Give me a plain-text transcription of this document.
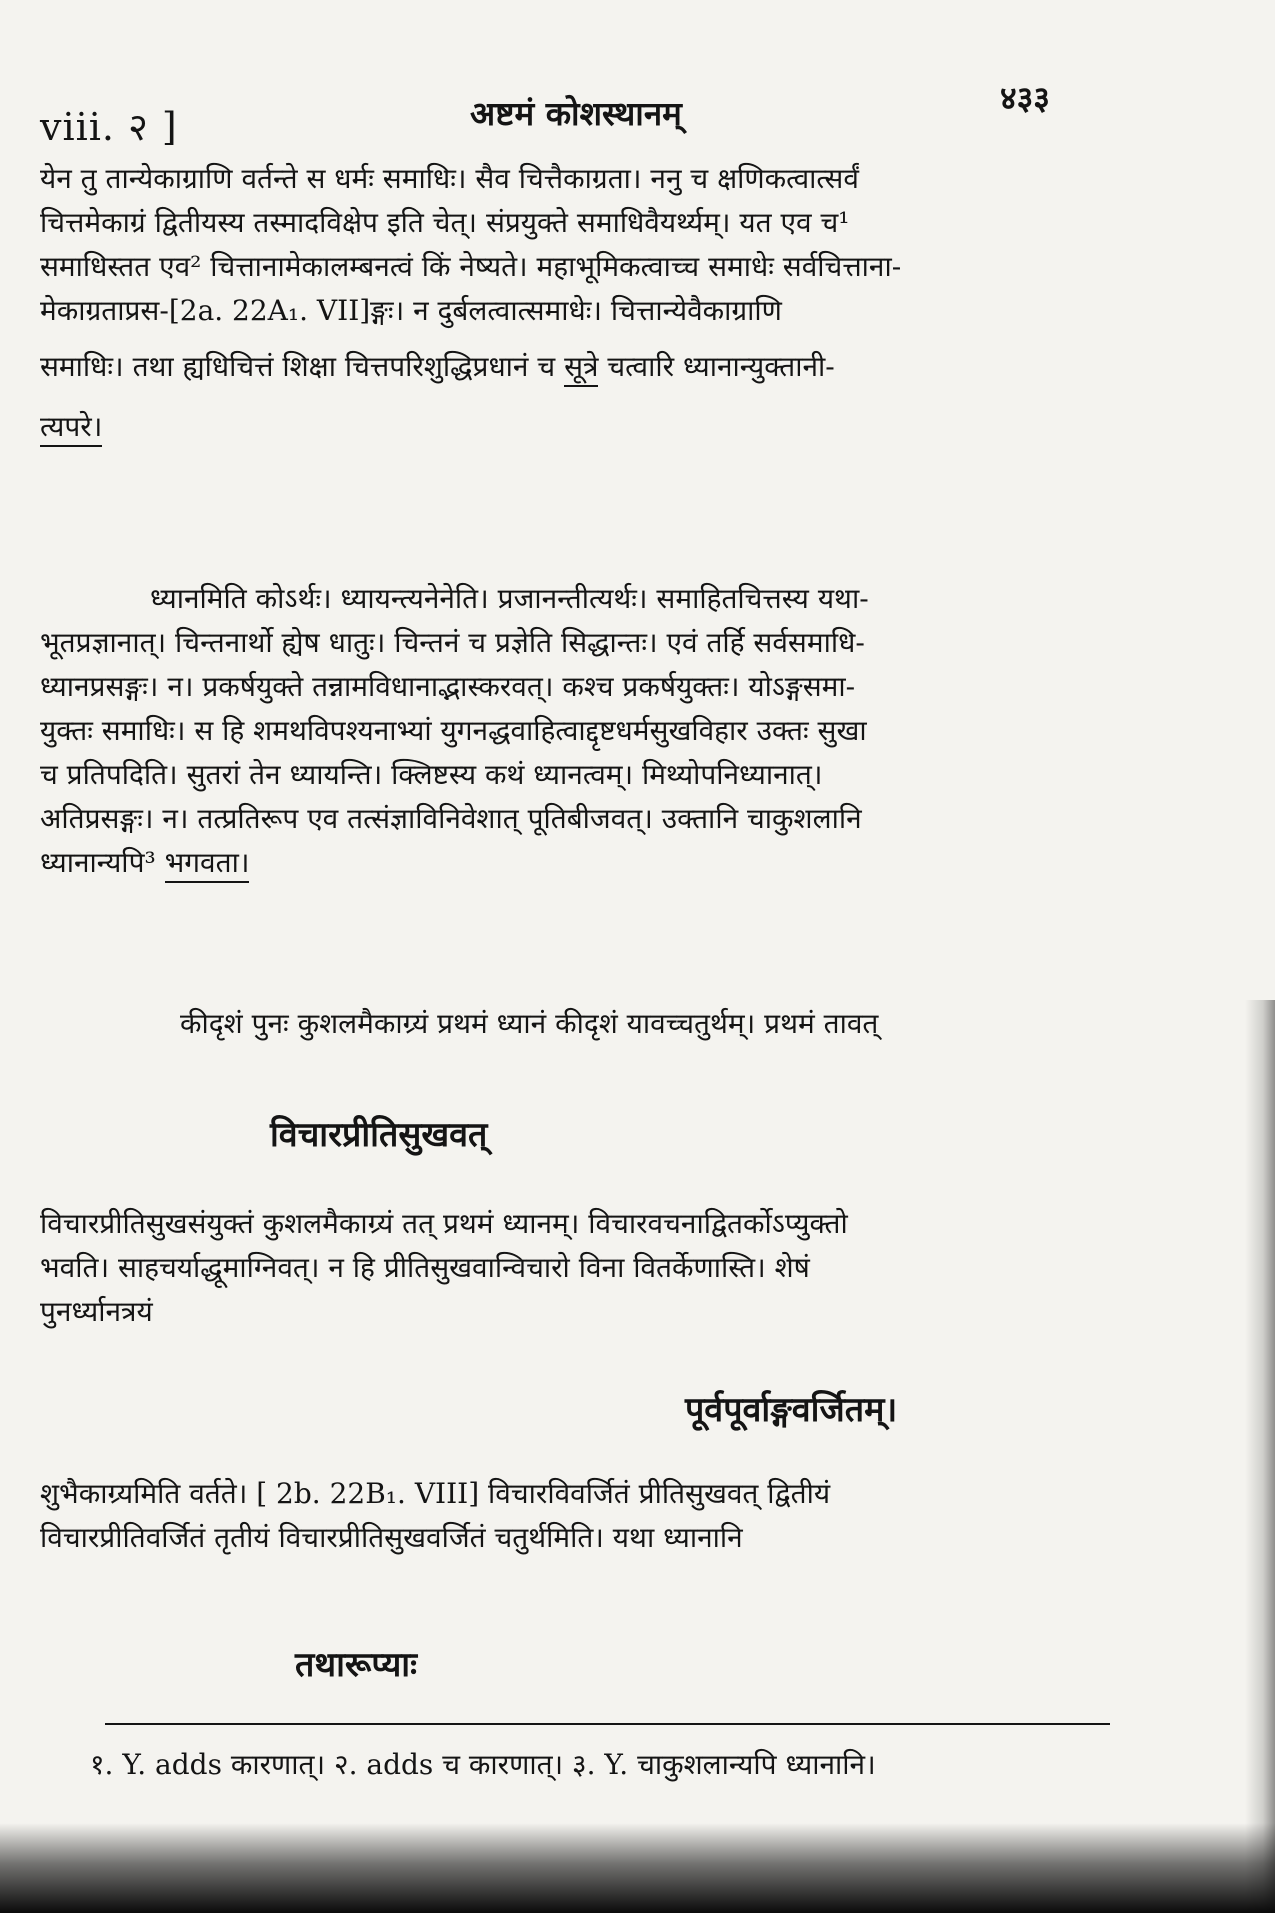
viii. २ ]	अष्टमं कोशस्थानम्	४३३
येन तु तान्येकाग्राणि वर्तन्ते स धर्मः समाधिः। सैव चित्तैकाग्रता। ननु च क्षणिकत्वात्सर्वं
चित्तमेकाग्रं द्वितीयस्य तस्मादविक्षेप इति चेत्। संप्रयुक्ते समाधिवैयर्थ्यम्। यत एव च¹
समाधिस्तत एव² चित्तानामेकालम्बनत्वं किं नेष्यते। महाभूमिकत्वाच्च समाधेः सर्वचित्ताना-
मेकाग्रताप्रस-[2a. 22A₁. VII]ङ्गः। न दुर्बलत्वात्समाधेः। चित्तान्येवैकाग्राणि
समाधिः। तथा ह्यधिचित्तं शिक्षा चित्तपरिशुद्धिप्रधानं च सूत्रे चत्वारि ध्यानान्युक्तानी-
त्यपरे।
ध्यानमिति कोऽर्थः। ध्यायन्त्यनेनेति। प्रजानन्तीत्यर्थः। समाहितचित्तस्य यथा-
भूतप्रज्ञानात्। चिन्तनार्थो ह्येष धातुः। चिन्तनं च प्रज्ञेति सिद्धान्तः। एवं तर्हि सर्वसमाधि-
ध्यानप्रसङ्गः। न। प्रकर्षयुक्ते तन्नामविधानाद्भास्करवत्। कश्च प्रकर्षयुक्तः। योऽङ्गसमा-
युक्तः समाधिः। स हि शमथविपश्यनाभ्यां युगनद्धवाहित्वाद्दृष्टधर्मसुखविहार उक्तः सुखा
च प्रतिपदिति। सुतरां तेन ध्यायन्ति। क्लिष्टस्य कथं ध्यानत्वम्। मिथ्योपनिध्यानात्।
अतिप्रसङ्गः। न। तत्प्रतिरूप एव तत्संज्ञाविनिवेशात् पूतिबीजवत्। उक्तानि चाकुशलानि
ध्यानान्यपि³ भगवता।
कीदृशं पुनः कुशलमैकाग्र्यं प्रथमं ध्यानं कीदृशं यावच्चतुर्थम्। प्रथमं तावत्
विचारप्रीतिसुखवत्
विचारप्रीतिसुखसंयुक्तं कुशलमैकाग्र्यं तत् प्रथमं ध्यानम्। विचारवचनाद्वितर्कोऽप्युक्तो
भवति। साहचर्याद्धूमाग्निवत्। न हि प्रीतिसुखवान्विचारो विना वितर्केणास्ति। शेषं
पुनर्ध्यानत्रयं
पूर्वपूर्वाङ्गवर्जितम्।
शुभैकाग्र्यमिति वर्तते। [ 2b. 22B₁. VIII] विचारविवर्जितं प्रीतिसुखवत् द्वितीयं
विचारप्रीतिवर्जितं तृतीयं विचारप्रीतिसुखवर्जितं चतुर्थमिति। यथा ध्यानानि
तथारूप्याः
१. Y. adds कारणात्। २. adds च कारणात्। ३. Y. चाकुशलान्यपि ध्यानानि।
